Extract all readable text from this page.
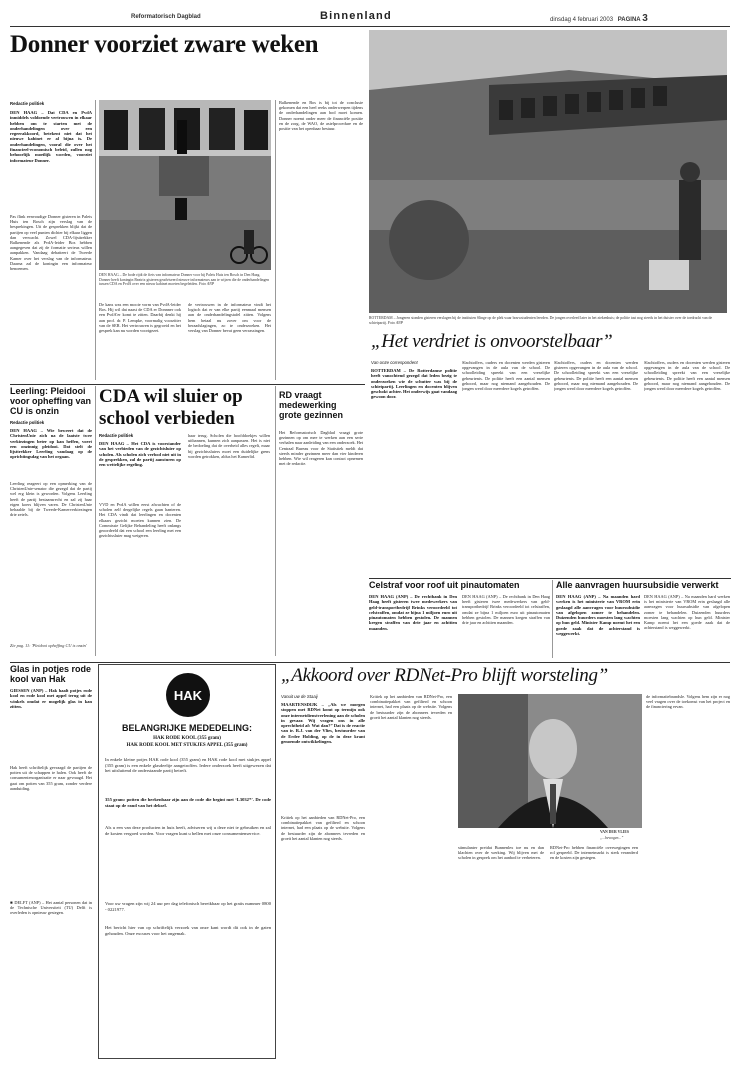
Reformatorisch Dagblad	Binnenland	dinsdag 4 februari 2003 PAGINA 3
Donner voorziet zware weken
Redactie politiek
DEN HAAG – Dat CDA en PvdA inmiddels voldoende vertrouwen in elkaar hebben om te starten met de onderhandelingen over een regeerakkoord, betekent niet dat het nieuwe kabinet er al bijna is. De onderhandelingen, vooral die over het financieel-economisch beleid, zullen nog behoorlijk moeilijk worden, voorziet informateur Donner.
Pas flink eenvoudige Donner gisteren in Paleis Huis ten Bosch zijn verslag van de besprekingen. Uit de gesprekken blijkt dat de partijen op veel punten dichter bij elkaar liggen dan verwacht. Zowel CDA-lijsttrekker Balkenende als PvdA-leider Bos hebben aangegeven dat zij de formatie serieus willen aanpakken. Vandaag debatteert de Tweede Kamer over het verslag van de informateur. Daarna zal de koningin een informateur benoemen.
DEN HAAG – De bode rijdt de fiets van informateur Donner voor bij Paleis Huis ten Bosch in Den Haag. Donner heeft koningin Beatrix gisteren geadviseerd nieuwe informateurs aan te wijzen die de onderhandelingen tussen CDA en PvdA over een nieuw kabinet moeten begeleiden. Foto ANP
De kans was een mooie vorm van PvdA-leider Bos. Hij wil dat naast de CDA er Donnner ook een PvdA'er komt te zitten. Daarbij denkt hij aan prof. dr. P. Lempke, voormalig voorzitter van de SER. Het vertrouwen is gegroeid en het gesprek kan nu worden voortgezet.
de vertrouwen in de informateur vindt het logisch dat er van elke partij eenmaal mensen aan de onderhandelingstafel zitten. Volgens hem betaal nu zover om voor de beraadslagingen, zo te onderzoeken. Het verslag van Donner bevat geen verrassingen.
Balkenende en Bos is bij tot de conclusie gekomen dat een heel reeks onderwerpen tijdens de onderhandelingen aan bod moet komen. Donner noemt onder meer de financiële positie en de zorg, de WAO, de asielprocedure en de positie van het openbaar bestuur.
ROTTERDAM – Jongeren stonden gisteren verslagen bij de instituten Slinge op de plek waar bouwstudenten leerden. De jongen overleed later in het ziekenhuis; de politie tast nog steeds in het duister over de toedracht van de schietpartij. Foto ANP
„Het verdriet is onvoorstelbaar”
Leerling: Pleidooi voor opheffing van CU is onzin
Redactie politiek
DEN HAAG – Wie beweert dat de ChristenUnie zich na de laatste twee verkiezingen beter op kan heffen, voert een onzinnig pleidooi. Dat stelt de lijsttrekker Leerling vandaag op de oprichtingsdag van het orgaan.
Leerling reageert op een opmerking van de ChristenUnie-senator die gezegd dat de partij wel erg klein is geworden. Volgens Leerling heeft de partij bestaansrecht en zal zij haar eigen koers blijven varen. De ChristenUnie behaalde bij de Tweede-Kamerverkiezingen drie zetels.
Zie pag. 11: 'Pleidooi opheffing CU is onzin'
CDA wil sluier op school verbieden
Redactie politiek
DEN HAAG – Het CDA is voorstander van het verbieden van de gezichtsluier op scholen. Als scholen zich verbod niet uit in de gesprekken, zal de partij aansturen op een wettelijke regeling.
VVD en PvdA willen eerst afwachten of de scholen zelf dergelijke regels gaan hanteren. Het CDA vindt dat leerlingen en docenten elkaars gezicht moeten kunnen zien. De Commissie Gelijke Behandeling heeft onlangs geoordeeld dat een school een leerling met een gezichtssluier mag weigeren.
haar terug. Scholen die hoofddoekjes willen uitbannen, kunnen zich aanpassen. Het is niet de bedoeling dat de overheid alles regelt, maar bij gezichtssluiers moet een duidelijke grens worden getrokken, aldus het Kamerlid.
RD vraagt medewerking grote gezinnen
Het Reformatorisch Dagblad vraagt grote gezinnen op om mee te werken aan een serie verhalen naar aanleiding van een onderzoek. Het Centraal Bureau voor de Statistiek meldt dat steeds minder gezinnen meer dan vier kinderen hebben. Wie wil reageren kan contact opnemen met de redactie.
Van onze correspondent
ROTTERDAM – De Rotterdamse politie heeft vanochtend gezegd dat leden bezig te onderzoeken wie de schutter was bij de schietpartij. Leerlingen en docenten blijven geschokt achter. Het onderwijs gaat vandaag gewoon door.
Slachtoffers, ouders en docenten werden gisteren opgevangen in de aula van de school. De schoolleiding spreekt van een vreselijke gebeurtenis. De politie heeft een aantal mensen gehoord, maar nog niemand aangehouden. De jongen werd door meerdere kogels getroffen.
Slachtoffers, ouders en docenten werden gisteren opgevangen in de aula van de school. De schoolleiding spreekt van een vreselijke gebeurtenis. De politie heeft een aantal mensen gehoord, maar nog niemand aangehouden. De jongen werd door meerdere kogels getroffen.
Slachtoffers, ouders en docenten werden gisteren opgevangen in de aula van de school. De schoolleiding spreekt van een vreselijke gebeurtenis. De politie heeft een aantal mensen gehoord, maar nog niemand aangehouden. De jongen werd door meerdere kogels getroffen.
Celstraf voor roof uit pinautomaten
DEN HAAG (ANP) – De rechtbank in Den Haag heeft gisteren twee medewerkers van geld-transportbedrijf Brinks veroordeeld tot celstraffen, omdat ze bijna 1 miljoen euro uit pinautomaten hebben gestolen. De mannen kregen straffen van drie jaar en achttien maanden.
DEN HAAG (ANP) – De rechtbank in Den Haag heeft gisteren twee medewerkers van geld-transportbedrijf Brinks veroordeeld tot celstraffen, omdat ze bijna 1 miljoen euro uit pinautomaten hebben gestolen. De mannen kregen straffen van drie jaar en achttien maanden.
Alle aanvragen huursubsidie verwerkt
DEN HAAG (ANP) – Na maanden hard werken is het ministerie van VROM erin geslaagd alle aanvragen voor huursubsidie van afgelopen zomer te behandelen. Duizenden huurders moesten lang wachten op hun geld. Minister Kamp noemt het een goede zaak dat de achterstand is weggewerkt.
DEN HAAG (ANP) – Na maanden hard werken is het ministerie van VROM erin geslaagd alle aanvragen voor huursubsidie van afgelopen zomer te behandelen. Duizenden huurders moesten lang wachten op hun geld. Minister Kamp noemt het een goede zaak dat de achterstand is weggewerkt.
Glas in potjes rode kool van Hak
GIESSEN (ANP) – Hak haalt potjes rode kool en rode kool met appel terug uit de winkels omdat er mogelijk glas in kan zitten.
Hak heeft schriftelijk gevraagd de partijen de potten uit de schappen te halen. Ook heeft de consumentenorganisatie er naar gevraagd. Het gaat om potten van 355 gram, zonder verdere aanduiding.
■ DELFT (ANP) – Het aantal personen dat in de Technische Universiteit (TU) Delft is overleden is opnieuw gestegen.
HAK
BELANGRIJKE MEDEDELING:
HAK RODE KOOL (355 gram)
HAK RODE KOOL MET STUKJES APPEL (355 gram)
In enkele kleine potjes HAK rode kool (355 gram) en HAK rode kool met stukjes appel (355 gram) is een enkele glasdeeltje aangetroffen. Iedere onderzoek heeft uitgewezen dat het uitsluitend de onderstaande partij betreft.
355 gram: potten die herkenbaar zijn aan de code die begint met ‘L3032*’. De code staat op de rand van het deksel.
Als u een van deze producten in huis heeft, adviseren wij u deze niet te gebruiken en zal de kosten vergoed worden. Voor vragen kunt u bellen met onze consumentenservice.
Voor uw vragen zijn wij 24 uur per dag telefonisch bereikbaar op het gratis nummer 0800 - 0221977.
Het bericht hier van op schriftelijk verzoek van onze kant wordt dit ook in de gaten gehouden. Onze excuses voor het ongemak.
„Akkoord over RDNet-Pro blijft worsteling”
Vanuit uw de Staaij
MAARTENSDIJK – „Als we morgen stoppen met RDNet komt op termijn ook onze internetdienstverlening aan de scholen in gevaar. Wij vragen ons in alle oprechtheid af: Wat dan?” Dat is de reactie van ir. R.J. van der Vlies, bestuurder van de Erdee Holding, op de in deze krant genoemde ontwikkelingen.
Kritiek op het aanbieden van RDNet-Pro, een combinatiepakket van gefilterd en schoon internet, had een plaats op de website. Volgens de bestuurder zijn de abonnees tevreden en groeit het aantal klanten nog steeds.
Kritiek op het aanbieden van RDNet-Pro, een combinatiepakket van gefilterd en schoon internet, had een plaats op de website. Volgens de bestuurder zijn de abonnees tevreden en groeit het aantal klanten nog steeds.
VAN DER VLIES
„...bewogen...”
stimulanter preidat Bunnenlex toe nu en dan klachten over de werking. Wij blijven met de scholen in gesprek om het aanbod te verbeteren.
RDNet-Pro hebben financiële overwegingen een rol gespeeld. De internetmarkt is sterk veranderd en de kosten zijn gestegen.
de informatiebrandsle. Volgens hem zijn er nog veel vragen over de toekomst van het project en de financiering ervan.
